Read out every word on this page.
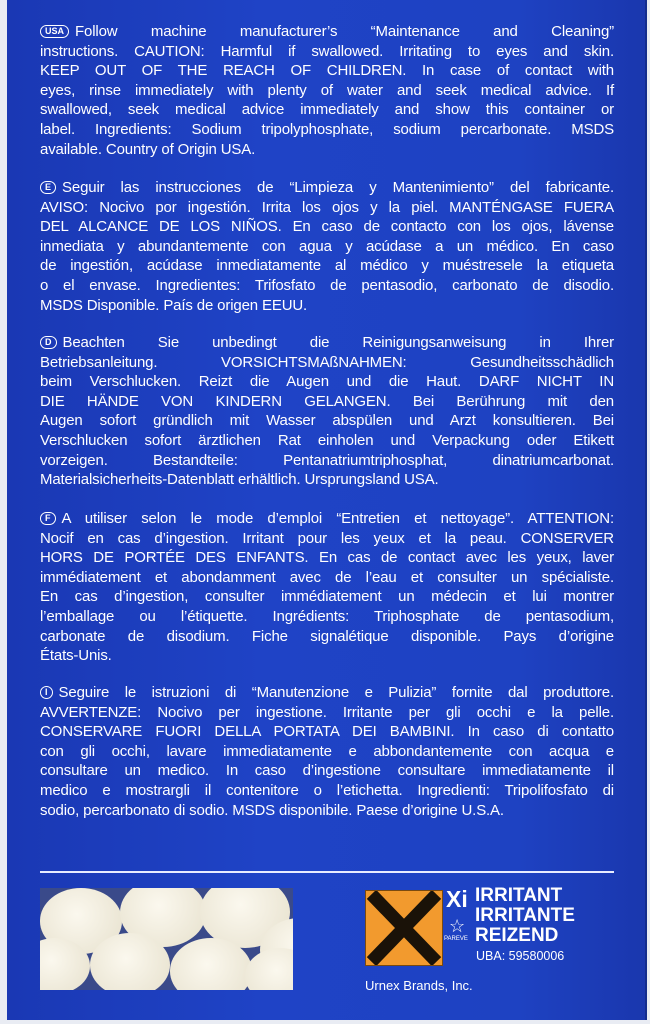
USA Follow machine manufacturer’s “Maintenance and Cleaning”
instructions. CAUTION: Harmful if swallowed. Irritating to eyes and skin.
KEEP OUT OF THE REACH OF CHILDREN. In case of contact with
eyes, rinse immediately with plenty of water and seek medical advice. If
swallowed, seek medical advice immediately and show this container or
label. Ingredients: Sodium tripolyphosphate, sodium percarbonate. MSDS
available. Country of Origin USA.
E Seguir las instrucciones de “Limpieza y Mantenimiento” del fabricante.
AVISO: Nocivo por ingestión. Irrita los ojos y la piel. MANTÉNGASE FUERA
DEL ALCANCE DE LOS NIÑOS. En caso de contacto con los ojos, lávense
inmediata y abundantemente con agua y acúdase a un médico. En caso
de ingestión, acúdase inmediatamente al médico y muéstresele la etiqueta
o el envase. Ingredientes: Trifosfato de pentasodio, carbonato de disodio.
MSDS Disponible. País de origen EEUU.
D Beachten Sie unbedingt die Reinigungsanweisung in Ihrer
Betriebsanleitung. VORSICHTSMAßNAHMEN: Gesundheitsschädlich
beim Verschlucken. Reizt die Augen und die Haut. DARF NICHT IN
DIE HÄNDE VON KINDERN GELANGEN. Bei Berührung mit den
Augen sofort gründlich mit Wasser abspülen und Arzt konsultieren. Bei
Verschlucken sofort ärztlichen Rat einholen und Verpackung oder Etikett
vorzeigen. Bestandteile: Pentanatriumtriphosphat, dinatriumcarbonat.
Materialsicherheits-Datenblatt erhältlich. Ursprungsland USA.
F A utiliser selon le mode d’emploi “Entretien et nettoyage”. ATTENTION:
Nocif en cas d’ingestion. Irritant pour les yeux et la peau. CONSERVER
HORS DE PORTÉE DES ENFANTS. En cas de contact avec les yeux, laver
immédiatement et abondamment avec de l’eau et consulter un spécialiste.
En cas d’ingestion, consulter immédiatement un médecin et lui montrer
l’emballage ou l’étiquette. Ingrédients: Triphosphate de pentasodium,
carbonate de disodium. Fiche signalétique disponible. Pays d’origine
États-Unis.
I Seguire le istruzioni di “Manutenzione e Pulizia” fornite dal produttore.
AVVERTENZE: Nocivo per ingestione. Irritante per gli occhi e la pelle.
CONSERVARE FUORI DELLA PORTATA DEI BAMBINI. In caso di contatto
con gli occhi, lavare immediatamente e abbondantemente con acqua e
consultare un medico. In caso d’ingestione consultare immediatamente il
medico e mostrargli il contenitore o l’etichetta. Ingredienti: Tripolifosfato di
sodio, percarbonato di sodio. MSDS disponibile. Paese d’origine U.S.A.
Xi
☆
PAREVE
IRRITANT
IRRITANTE
REIZEND
UBA: 59580006
Urnex Brands, Inc.
